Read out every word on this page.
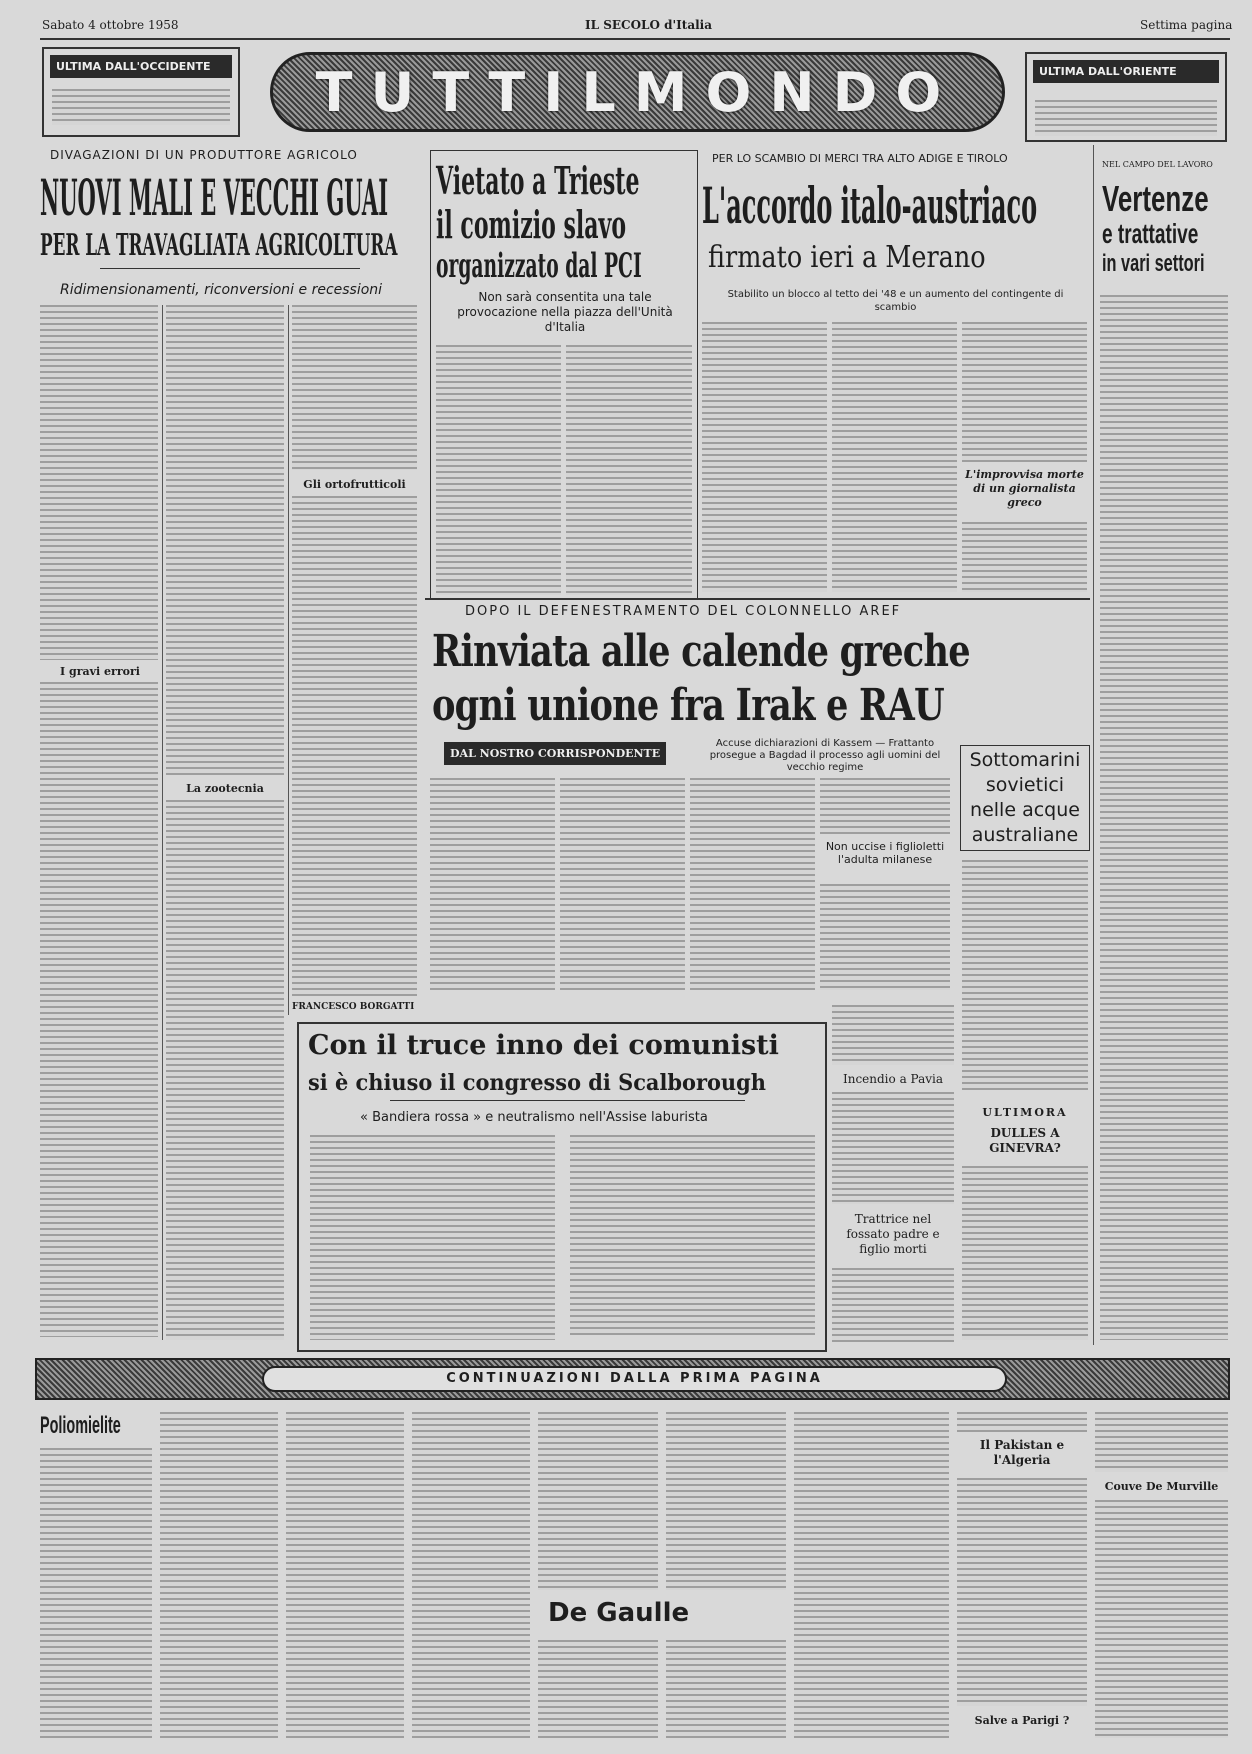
Sabato 4 ottobre 1958	IL SECOLO d'Italia	Settima pagina
ULTIMA DALL'OCCIDENTE	TUTTILMONDO	ULTIMA DALL'ORIENTE
DIVAGAZIONI DI UN PRODUTTORE AGRICOLO
NUOVI MALI E VECCHI GUAI
PER LA TRAVAGLIATA AGRICOLTURA
Ridimensionamenti, riconversioni e recessioni
I gravi errori
La zootecnia
Gli ortofrutticoli
FRANCESCO BORGATTI
Vietato a Trieste
il comizio slavo
organizzato dal PCI
Non sarà consentita una tale provocazione nella piazza dell'Unità d'Italia
PER LO SCAMBIO DI MERCI TRA ALTO ADIGE E TIROLO
L'accordo italo-austriaco
firmato ieri a Merano
Stabilito un blocco al tetto dei '48 e un aumento del contingente di scambio
L'improvvisa morte di un giornalista greco
NEL CAMPO DEL LAVORO
Vertenze
e trattative
in vari settori
DOPO IL DEFENESTRAMENTO DEL COLONNELLO AREF
Rinviata alle calende greche
ogni unione fra Irak e RAU
DAL NOSTRO CORRISPONDENTE
Accuse dichiarazioni di Kassem — Frattanto prosegue a Bagdad il processo agli uomini del vecchio regime
Non uccise i figlioletti l'adulta milanese
Sottomarini
sovietici
nelle acque
australiane
ULTIMORA
DULLES A GINEVRA?
Con il truce inno dei comunisti
si è chiuso il congresso di Scalborough
« Bandiera rossa » e neutralismo nell'Assise laburista
Incendio a Pavia
Trattrice nel fossato padre e figlio morti
CONTINUAZIONI DALLA PRIMA PAGINA
Poliomielite
De Gaulle
Il Pakistan e l'Algeria
Salve a Parigi ?
Couve De Murville
